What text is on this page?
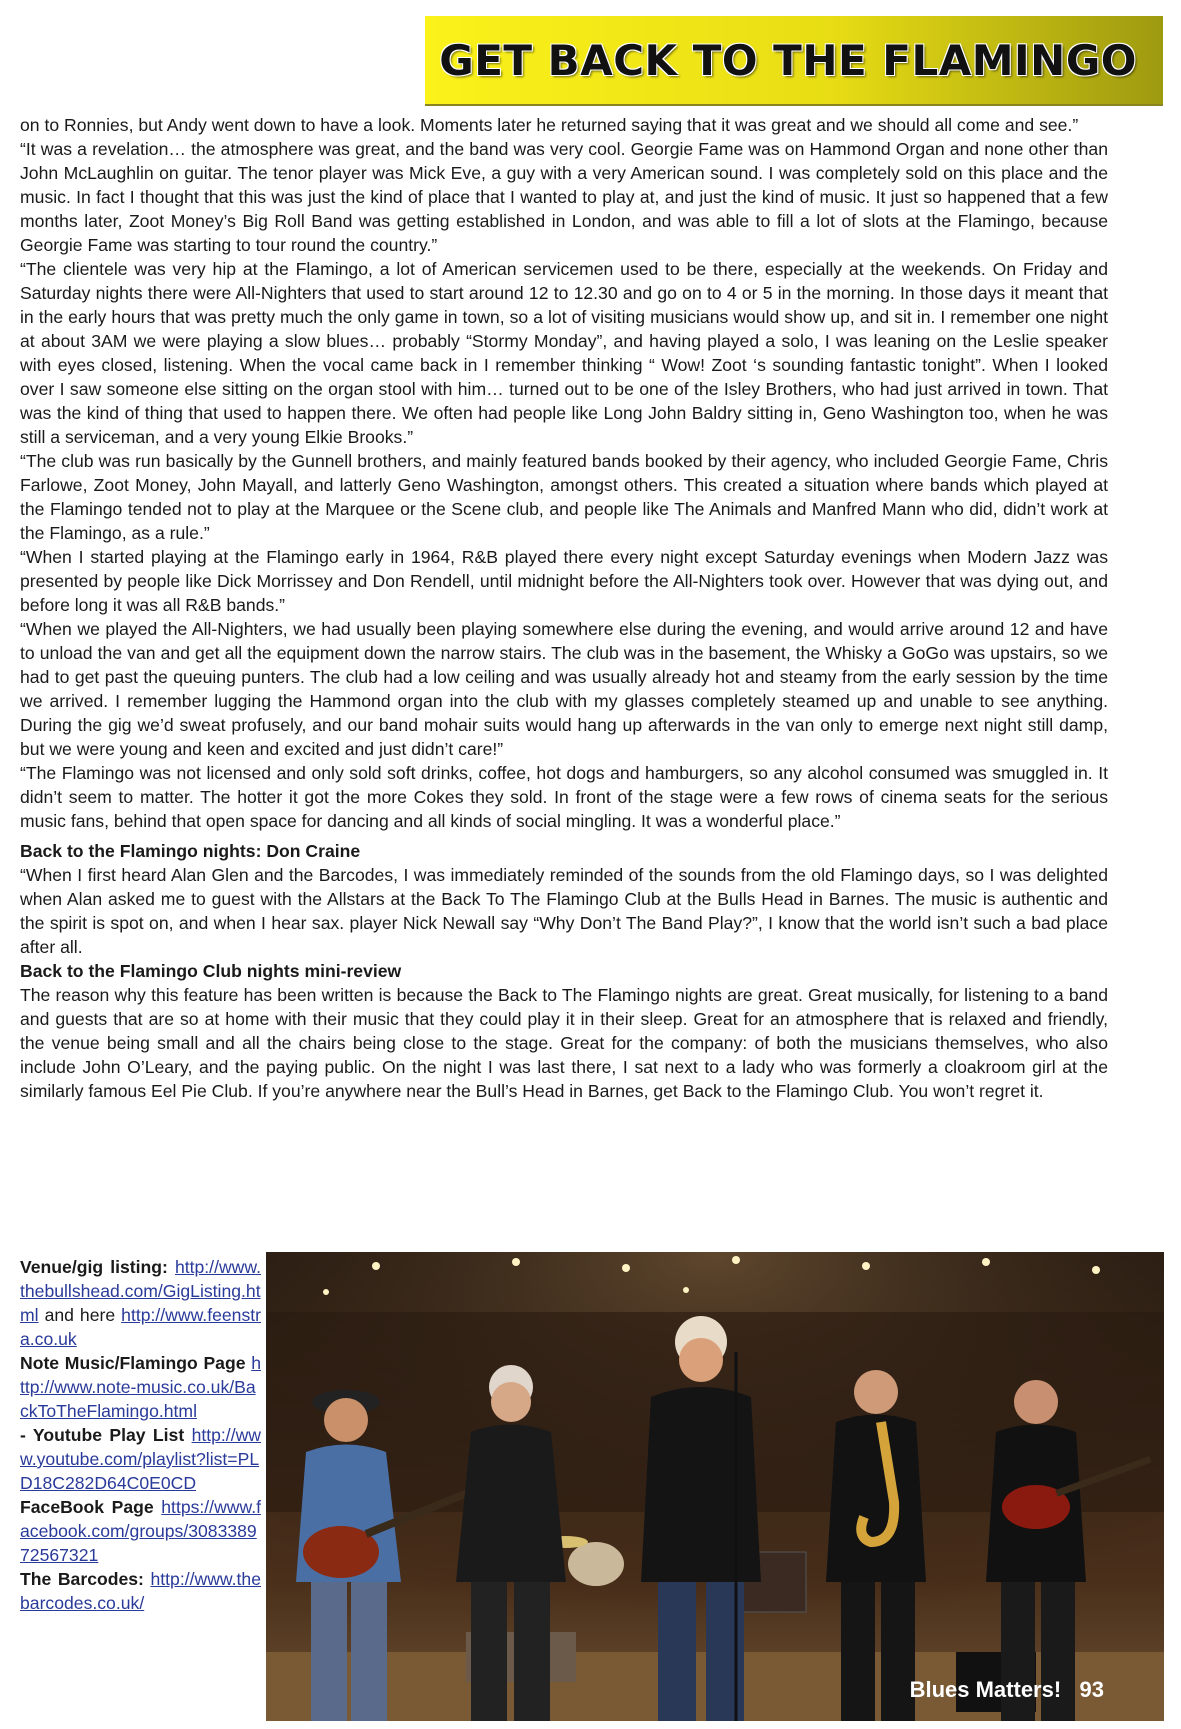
GET BACK TO THE FLAMINGO

on to Ronnies, but Andy went down to have a look. Moments later he returned saying that it was great and we should all come and see.”

“It was a revelation… the atmosphere was great, and the band was very cool. Georgie Fame was on Hammond Organ and none other than John McLaughlin on guitar. The tenor player was Mick Eve, a guy with a very American sound. I was completely sold on this place and the music. In fact I thought that this was just the kind of place that I wanted to play at, and just the kind of music. It just so happened that a few months later, Zoot Money’s Big Roll Band was getting established in London, and was able to fill a lot of slots at the Flamingo, because Georgie Fame was starting to tour round the country.”

“The clientele was very hip at the Flamingo, a lot of American servicemen used to be there, especially at the weekends. On Friday and Saturday nights there were All-Nighters that used to start around 12 to 12.30 and go on to 4 or 5 in the morning. In those days it meant that in the early hours that was pretty much the only game in town, so a lot of visiting musicians would show up, and sit in. I remember one night at about 3AM we were playing a slow blues… probably “Stormy Monday”, and having played a solo, I was leaning on the Leslie speaker with eyes closed, listening. When the vocal came back in I remember thinking “ Wow! Zoot ‘s sounding fantastic tonight”. When I looked over I saw someone else sitting on the organ stool with him… turned out to be one of the Isley Brothers, who had just arrived in town. That was the kind of thing that used to happen there. We often had people like Long John Baldry sitting in, Geno Washington too, when he was still a serviceman, and a very young Elkie Brooks.”

“The club was run basically by the Gunnell brothers, and mainly featured bands booked by their agency, who included Georgie Fame, Chris Farlowe, Zoot Money, John Mayall, and latterly Geno Washington, amongst others. This created a situation where bands which played at the Flamingo tended not to play at the Marquee or the Scene club, and people like The Animals and Manfred Mann who did, didn’t work at the Flamingo, as a rule.”

“When I started playing at the Flamingo early in 1964, R&B played there every night except Saturday evenings when Modern Jazz was presented by people like Dick Morrissey and Don Rendell, until midnight before the All-Nighters took over. However that was dying out, and before long it was all R&B bands.”

“When we played the All-Nighters, we had usually been playing somewhere else during the evening, and would arrive around 12 and have to unload the van and get all the equipment down the narrow stairs. The club was in the basement, the Whisky a GoGo was upstairs, so we had to get past the queuing punters. The club had a low ceiling and was usually already hot and steamy from the early session by the time we arrived. I remember lugging the Hammond organ into the club with my glasses completely steamed up and unable to see anything. During the gig we’d sweat profusely, and our band mohair suits would hang up afterwards in the van only to emerge next night still damp, but we were young and keen and excited and just didn’t care!”

“The Flamingo was not licensed and only sold soft drinks, coffee, hot dogs and hamburgers, so any alcohol consumed was smuggled in. It didn’t seem to matter. The hotter it got the more Cokes they sold. In front of the stage were a few rows of cinema seats for the serious music fans, behind that open space for dancing and all kinds of social mingling. It was a wonderful place.”

Back to the Flamingo nights: Don Craine

“When I first heard Alan Glen and the Barcodes, I was immediately reminded of the sounds from the old Flamingo days, so I was delighted when Alan asked me to guest with the Allstars at the Back To The Flamingo Club at the Bulls Head in Barnes. The music is authentic and the spirit is spot on, and when I hear sax. player Nick Newall say “Why Don’t The Band Play?”, I know that the world isn’t such a bad place after all.

Back to the Flamingo Club nights mini-review

The reason why this feature has been written is because the Back to The Flamingo nights are great. Great musically, for listening to a band and guests that are so at home with their music that they could play it in their sleep. Great for an atmosphere that is relaxed and friendly, the venue being small and all the chairs being close to the stage. Great for the company: of both the musicians themselves, who also include John O’Leary, and the paying public. On the night I was last there, I sat next to a lady who was formerly a cloakroom girl at the similarly famous Eel Pie Club. If you’re anywhere near the Bull’s Head in Barnes, get Back to the Flamingo Club. You won’t regret it.

Venue/gig listing: http://www.thebullshead.com/GigListing.html and here http://www.feenstra.co.uk

Note Music/Flamingo Page http://www.note-music.co.uk/BackToTheFlamingo.html

- Youtube Play List http://www.youtube.com/playlist?list=PLD18C282D64C0E0CD

FaceBook Page https://www.facebook.com/groups/308338972567321

The Barcodes: http://www.thebarcodes.co.uk/

Blues Matters! 93
